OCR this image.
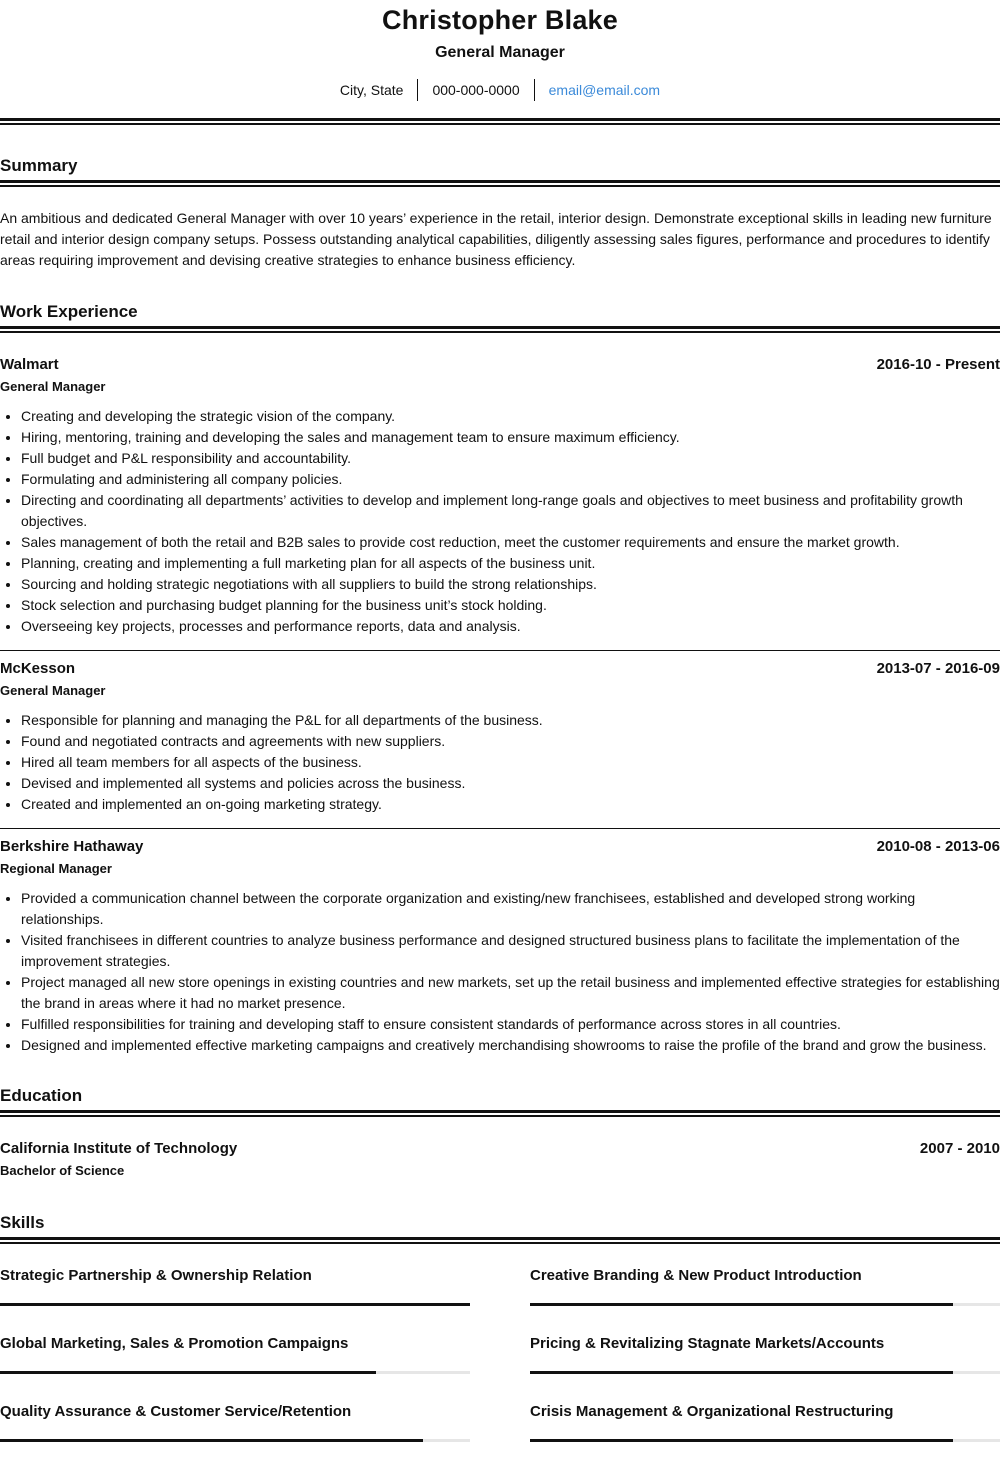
Christopher Blake
General Manager
City, State	000-000-0000	email@email.com
Summary
An ambitious and dedicated General Manager with over 10 years’ experience in the retail, interior design. Demonstrate exceptional skills in leading new furniture retail and interior design company setups. Possess outstanding analytical capabilities, diligently assessing sales figures, performance and procedures to identify areas requiring improvement and devising creative strategies to enhance business efficiency.
Work Experience
Walmart	2016-10 - Present
General Manager
• Creating and developing the strategic vision of the company.
• Hiring, mentoring, training and developing the sales and management team to ensure maximum efficiency.
• Full budget and P&L responsibility and accountability.
• Formulating and administering all company policies.
• Directing and coordinating all departments’ activities to develop and implement long-range goals and objectives to meet business and profitability growth objectives.
• Sales management of both the retail and B2B sales to provide cost reduction, meet the customer requirements and ensure the market growth.
• Planning, creating and implementing a full marketing plan for all aspects of the business unit.
• Sourcing and holding strategic negotiations with all suppliers to build the strong relationships.
• Stock selection and purchasing budget planning for the business unit’s stock holding.
• Overseeing key projects, processes and performance reports, data and analysis.
McKesson	2013-07 - 2016-09
General Manager
• Responsible for planning and managing the P&L for all departments of the business.
• Found and negotiated contracts and agreements with new suppliers.
• Hired all team members for all aspects of the business.
• Devised and implemented all systems and policies across the business.
• Created and implemented an on-going marketing strategy.
Berkshire Hathaway	2010-08 - 2013-06
Regional Manager
• Provided a communication channel between the corporate organization and existing/new franchisees, established and developed strong working relationships.
• Visited franchisees in different countries to analyze business performance and designed structured business plans to facilitate the implementation of the improvement strategies.
• Project managed all new store openings in existing countries and new markets, set up the retail business and implemented effective strategies for establishing the brand in areas where it had no market presence.
• Fulfilled responsibilities for training and developing staff to ensure consistent standards of performance across stores in all countries.
• Designed and implemented effective marketing campaigns and creatively merchandising showrooms to raise the profile of the brand and grow the business.
Education
California Institute of Technology	2007 - 2010
Bachelor of Science
Skills
Strategic Partnership & Ownership Relation	Creative Branding & New Product Introduction
Global Marketing, Sales & Promotion Campaigns	Pricing & Revitalizing Stagnate Markets/Accounts
Quality Assurance & Customer Service/Retention	Crisis Management & Organizational Restructuring
